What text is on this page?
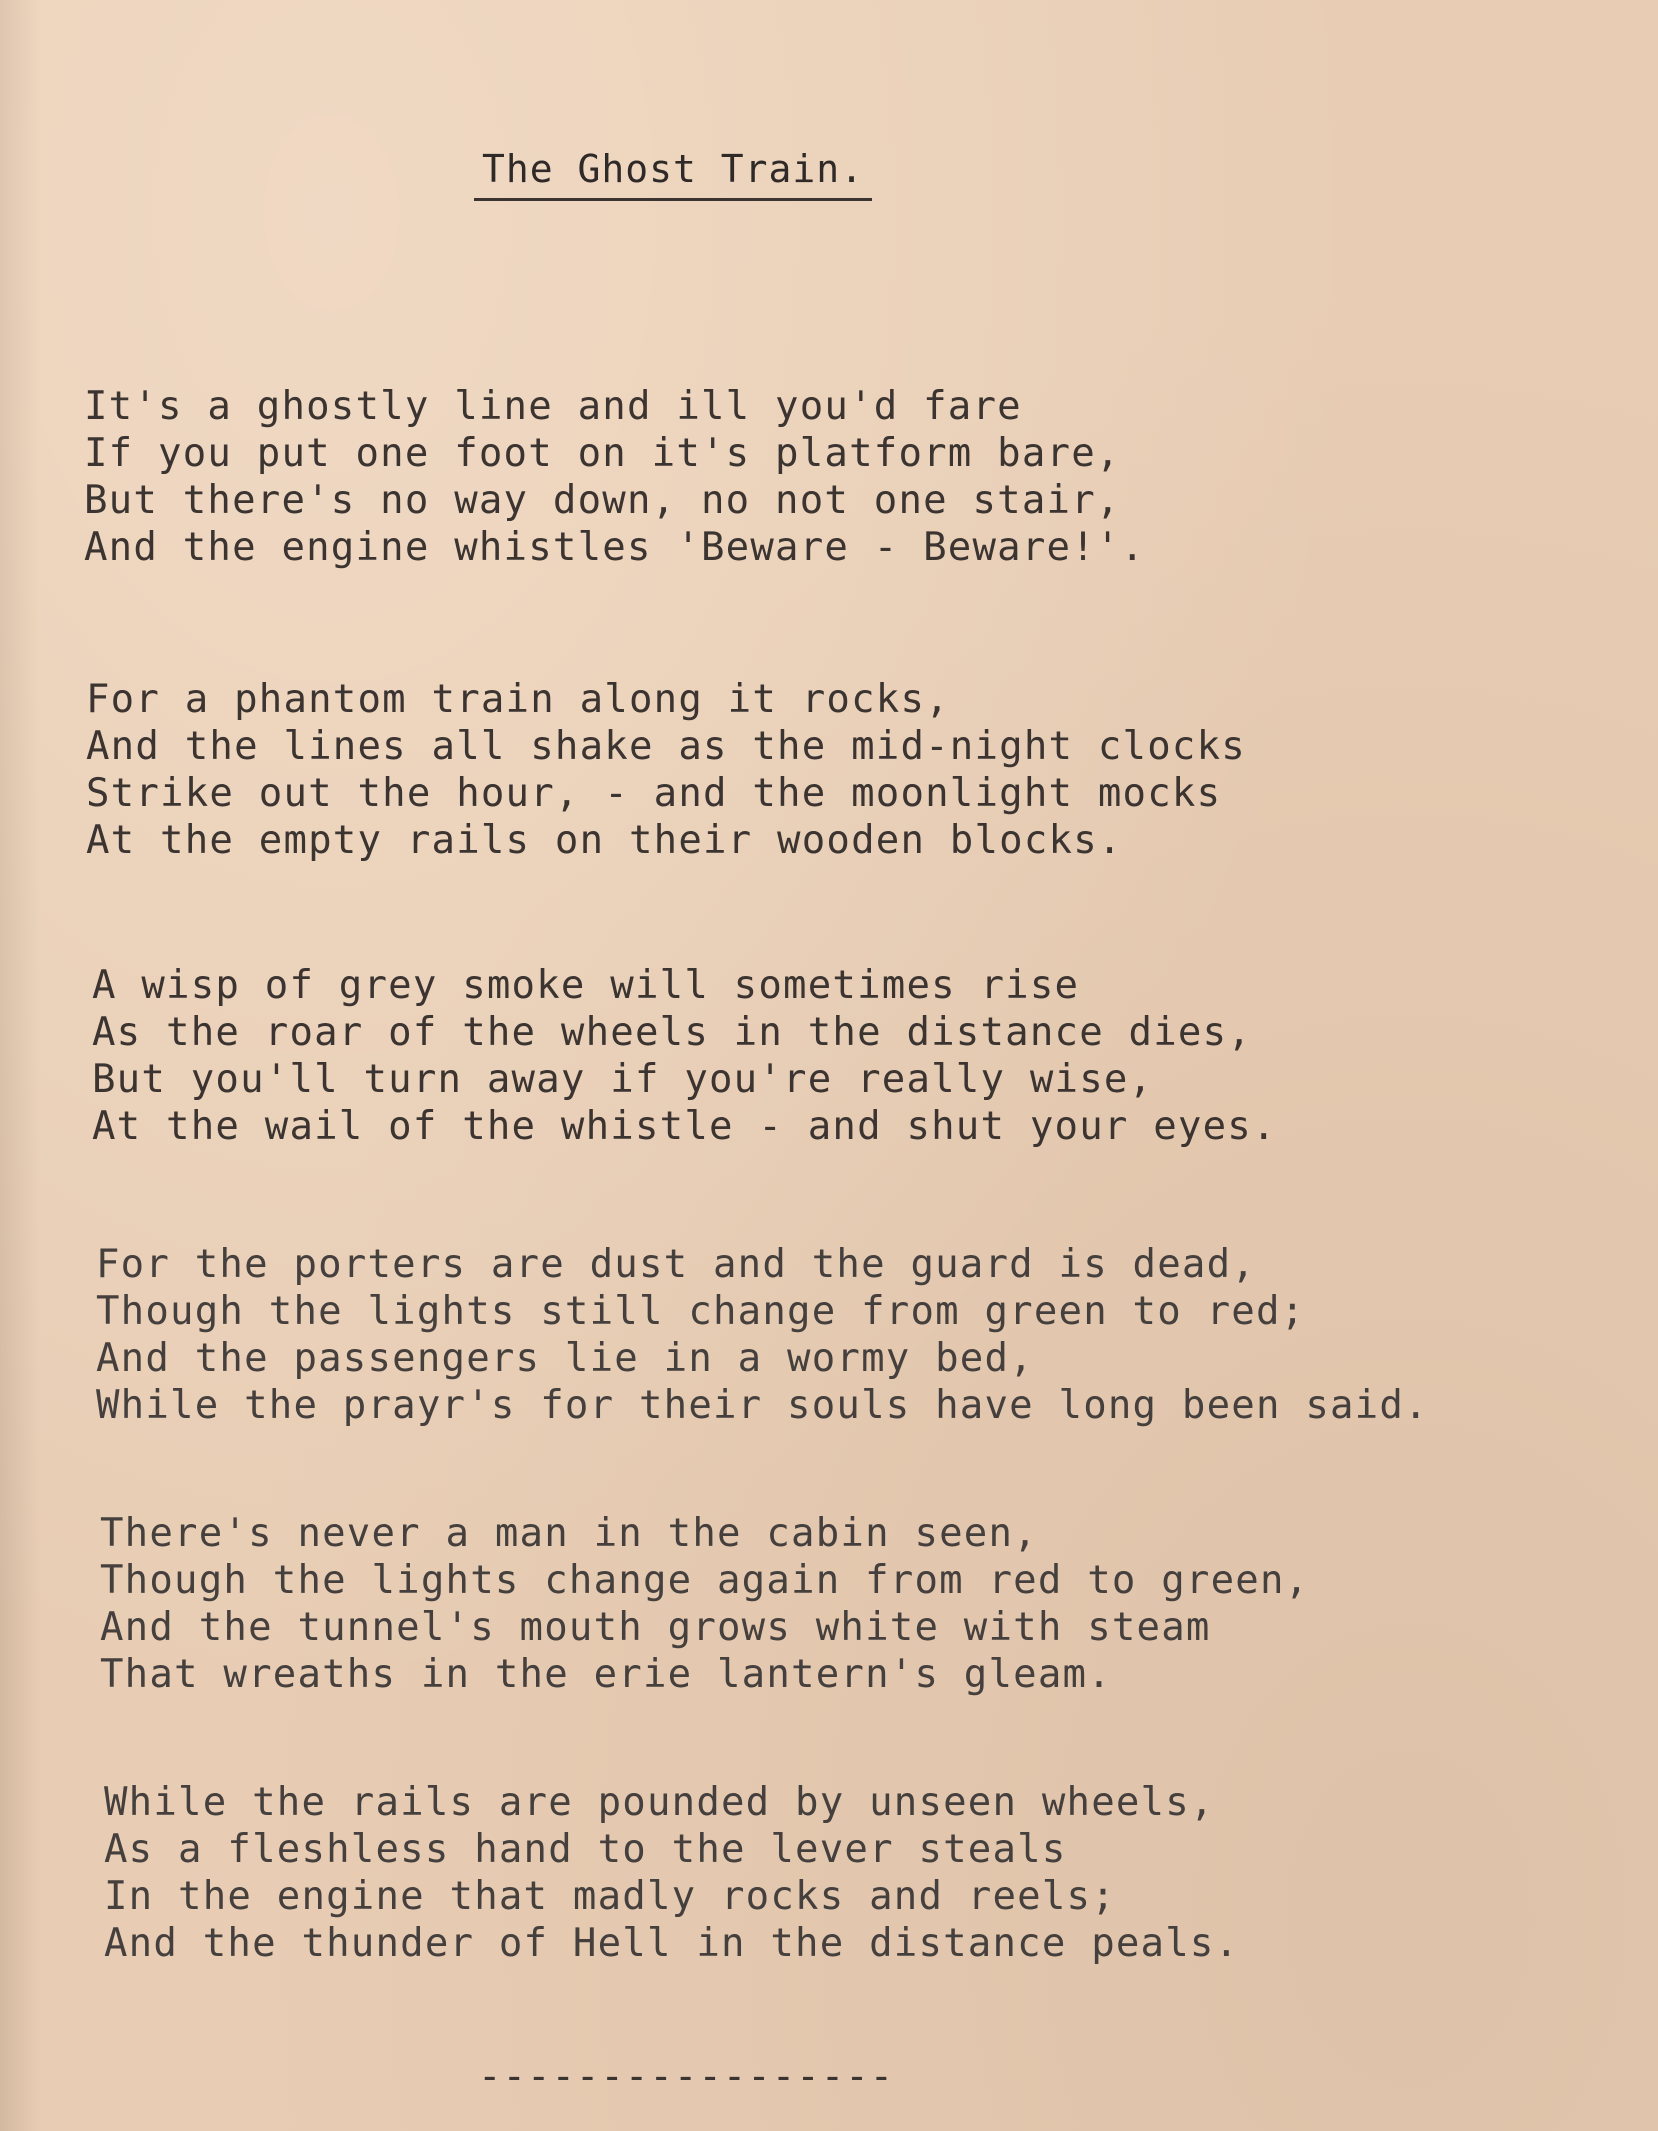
The Ghost Train.
It's a ghostly line and ill you'd fare
If you put one foot on it's platform bare,
But there's no way down, no not one stair,
And the engine whistles 'Beware - Beware!'.
For a phantom train along it rocks,
And the lines all shake as the mid-night clocks
Strike out the hour, - and the moonlight mocks
At the empty rails on their wooden blocks.
A wisp of grey smoke will sometimes rise
As the roar of the wheels in the distance dies,
But you'll turn away if you're really wise,
At the wail of the whistle - and shut your eyes.
For the porters are dust and the guard is dead,
Though the lights still change from green to red;
And the passengers lie in a wormy bed,
While the prayr's for their souls have long been said.
There's never a man in the cabin seen,
Though the lights change again from red to green,
And the tunnel's mouth grows white with steam
That wreaths in the erie lantern's gleam.
While the rails are pounded by unseen wheels,
As a fleshless hand to the lever steals
In the engine that madly rocks and reels;
And the thunder of Hell in the distance peals.
-----------------
